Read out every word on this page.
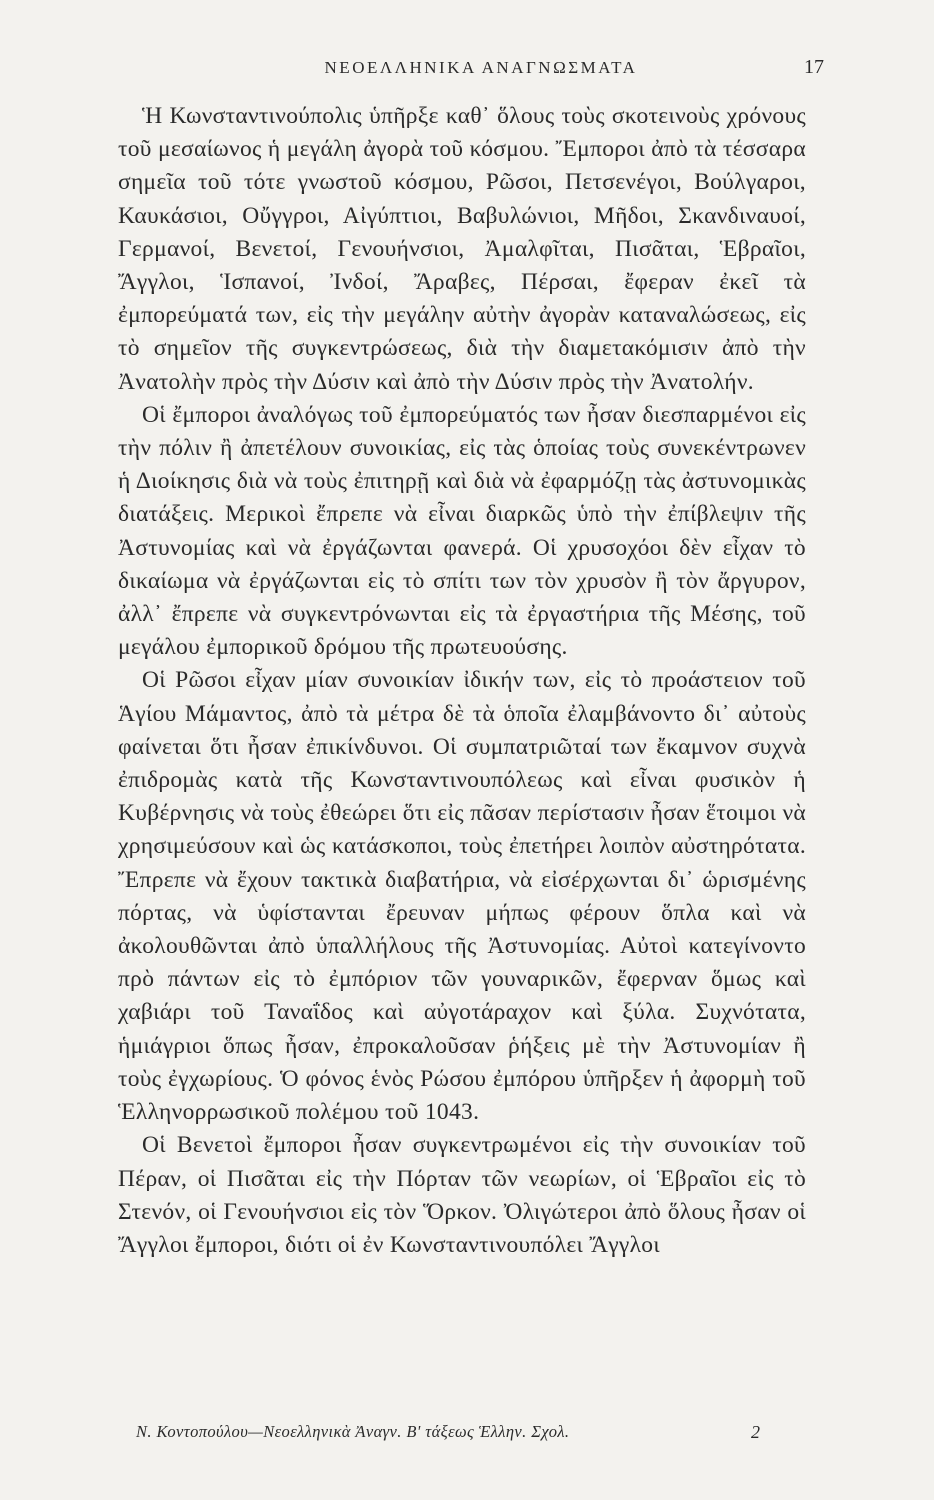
ΝΕΟΕΛΛΗΝΙΚΑ ΑΝΑΓΝΩΣΜΑΤΑ	17

Ἡ Κωνσταντινούπολις ὑπῆρξε καθ᾽ ὅλους τοὺς σκοτεινοὺς χρόνους τοῦ μεσαίωνος ἡ μεγάλη ἀγορὰ τοῦ κόσμου. Ἔμποροι ἀπὸ τὰ τέσσαρα σημεῖα τοῦ τότε γνωστοῦ κόσμου, Ρῶσοι, Πετσενέγοι, Βούλγαροι, Καυκάσιοι, Οὔγγροι, Αἰγύπτιοι, Βαβυλώνιοι, Μῆδοι, Σκανδιναυοί, Γερμανοί, Βενετοί, Γενουήνσιοι, Ἀμαλφῖται, Πισᾶται, Ἑβραῖοι, Ἄγγλοι, Ἱσπανοί, Ἰνδοί, Ἄραβες, Πέρσαι, ἔφεραν ἐκεῖ τὰ ἐμπορεύματά των, εἰς τὴν μεγάλην αὐτὴν ἀγορὰν καταναλώσεως, εἰς τὸ σημεῖον τῆς συγκεντρώσεως, διὰ τὴν διαμετακόμισιν ἀπὸ τὴν Ἀνατολὴν πρὸς τὴν Δύσιν καὶ ἀπὸ τὴν Δύσιν πρὸς τὴν Ἀνατολήν.

Οἱ ἔμποροι ἀναλόγως τοῦ ἐμπορεύματός των ἦσαν διεσπαρμένοι εἰς τὴν πόλιν ἢ ἀπετέλουν συνοικίας, εἰς τὰς ὁποίας τοὺς συνεκέντρωνεν ἡ Διοίκησις διὰ νὰ τοὺς ἐπιτηρῇ καὶ διὰ νὰ ἐφαρμόζῃ τὰς ἀστυνομικὰς διατάξεις. Μερικοὶ ἔπρεπε νὰ εἶναι διαρκῶς ὑπὸ τὴν ἐπίβλεψιν τῆς Ἀστυνομίας καὶ νὰ ἐργάζωνται φανερά. Οἱ χρυσοχόοι δὲν εἶχαν τὸ δικαίωμα νὰ ἐργάζωνται εἰς τὸ σπίτι των τὸν χρυσὸν ἢ τὸν ἄργυρον, ἀλλ᾽ ἔπρεπε νὰ συγκεντρόνωνται εἰς τὰ ἐργαστήρια τῆς Μέσης, τοῦ μεγάλου ἐμπορικοῦ δρόμου τῆς πρωτευούσης.

Οἱ Ρῶσοι εἶχαν μίαν συνοικίαν ἰδικήν των, εἰς τὸ προάστειον τοῦ Ἁγίου Μάμαντος, ἀπὸ τὰ μέτρα δὲ τὰ ὁποῖα ἐλαμβάνοντο δι᾽ αὐτοὺς φαίνεται ὅτι ἦσαν ἐπικίνδυνοι. Οἱ συμπατριῶταί των ἔκαμνον συχνὰ ἐπιδρομὰς κατὰ τῆς Κωνσταντινουπόλεως καὶ εἶναι φυσικὸν ἡ Κυβέρνησις νὰ τοὺς ἐθεώρει ὅτι εἰς πᾶσαν περίστασιν ἦσαν ἕτοιμοι νὰ χρησιμεύσουν καὶ ὡς κατάσκοποι, τοὺς ἐπετήρει λοιπὸν αὐστηρότατα. Ἔπρεπε νὰ ἔχουν τακτικὰ διαβατήρια, νὰ εἰσέρχωνται δι᾽ ὡρισμένης πόρτας, νὰ ὑφίστανται ἔρευναν μήπως φέρουν ὅπλα καὶ νὰ ἀκολουθῶνται ἀπὸ ὑπαλλήλους τῆς Ἀστυνομίας. Αὐτοὶ κατεγίνοντο πρὸ πάντων εἰς τὸ ἐμπόριον τῶν γουναρικῶν, ἔφερναν ὅμως καὶ χαβιάρι τοῦ Ταναΐδος καὶ αὐγοτάραχον καὶ ξύλα. Συχνότατα, ἡμιάγριοι ὅπως ἦσαν, ἐπροκαλοῦσαν ῥήξεις μὲ τὴν Ἀστυνομίαν ἢ τοὺς ἐγχωρίους. Ὁ φόνος ἑνὸς Ρώσου ἐμπόρου ὑπῆρξεν ἡ ἀφορμὴ τοῦ Ἑλληνορρωσικοῦ πολέμου τοῦ 1043.

Οἱ Βενετοὶ ἔμποροι ἦσαν συγκεντρωμένοι εἰς τὴν συνοικίαν τοῦ Πέραν, οἱ Πισᾶται εἰς τὴν Πόρταν τῶν νεωρίων, οἱ Ἑβραῖοι εἰς τὸ Στενόν, οἱ Γενουήνσιοι εἰς τὸν Ὅρκον. Ὀλιγώτεροι ἀπὸ ὅλους ἦσαν οἱ Ἄγγλοι ἔμποροι, διότι οἱ ἐν Κωνσταντινουπόλει Ἄγγλοι

Ν. Κοντοπούλου—Νεοελληνικὰ Ἀναγν. Β' τάξεως Ἑλλην. Σχολ.	2
